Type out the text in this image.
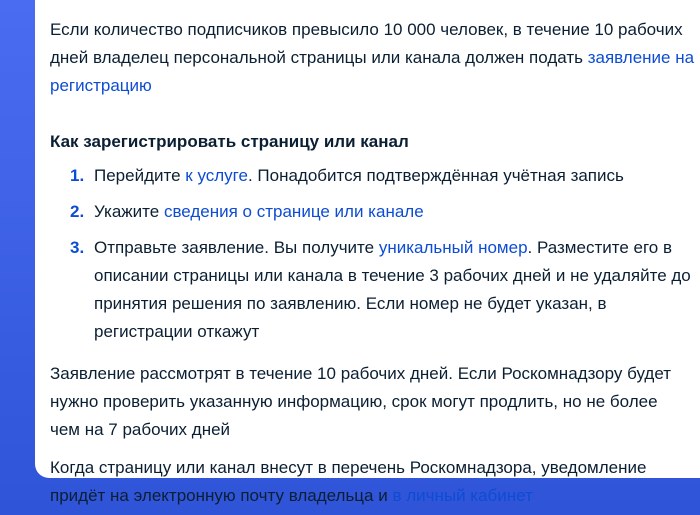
Если количество подписчиков превысило 10 000 человек, в течение 10 рабочих дней владелец персональной страницы или канала должен подать заявление на регистрацию

Как зарегистрировать страницу или канал
1. Перейдите к услуге. Понадобится подтверждённая учётная запись
2. Укажите сведения о странице или канале
3. Отправьте заявление. Вы получите уникальный номер. Разместите его в описании страницы или канала в течение 3 рабочих дней и не удаляйте до принятия решения по заявлению. Если номер не будет указан, в регистрации откажут

Заявление рассмотрят в течение 10 рабочих дней. Если Роскомнадзору будет нужно проверить указанную информацию, срок могут продлить, но не более чем на 7 рабочих дней

Когда страницу или канал внесут в перечень Роскомнадзора, уведомление придёт на электронную почту владельца и в личный кабинет
